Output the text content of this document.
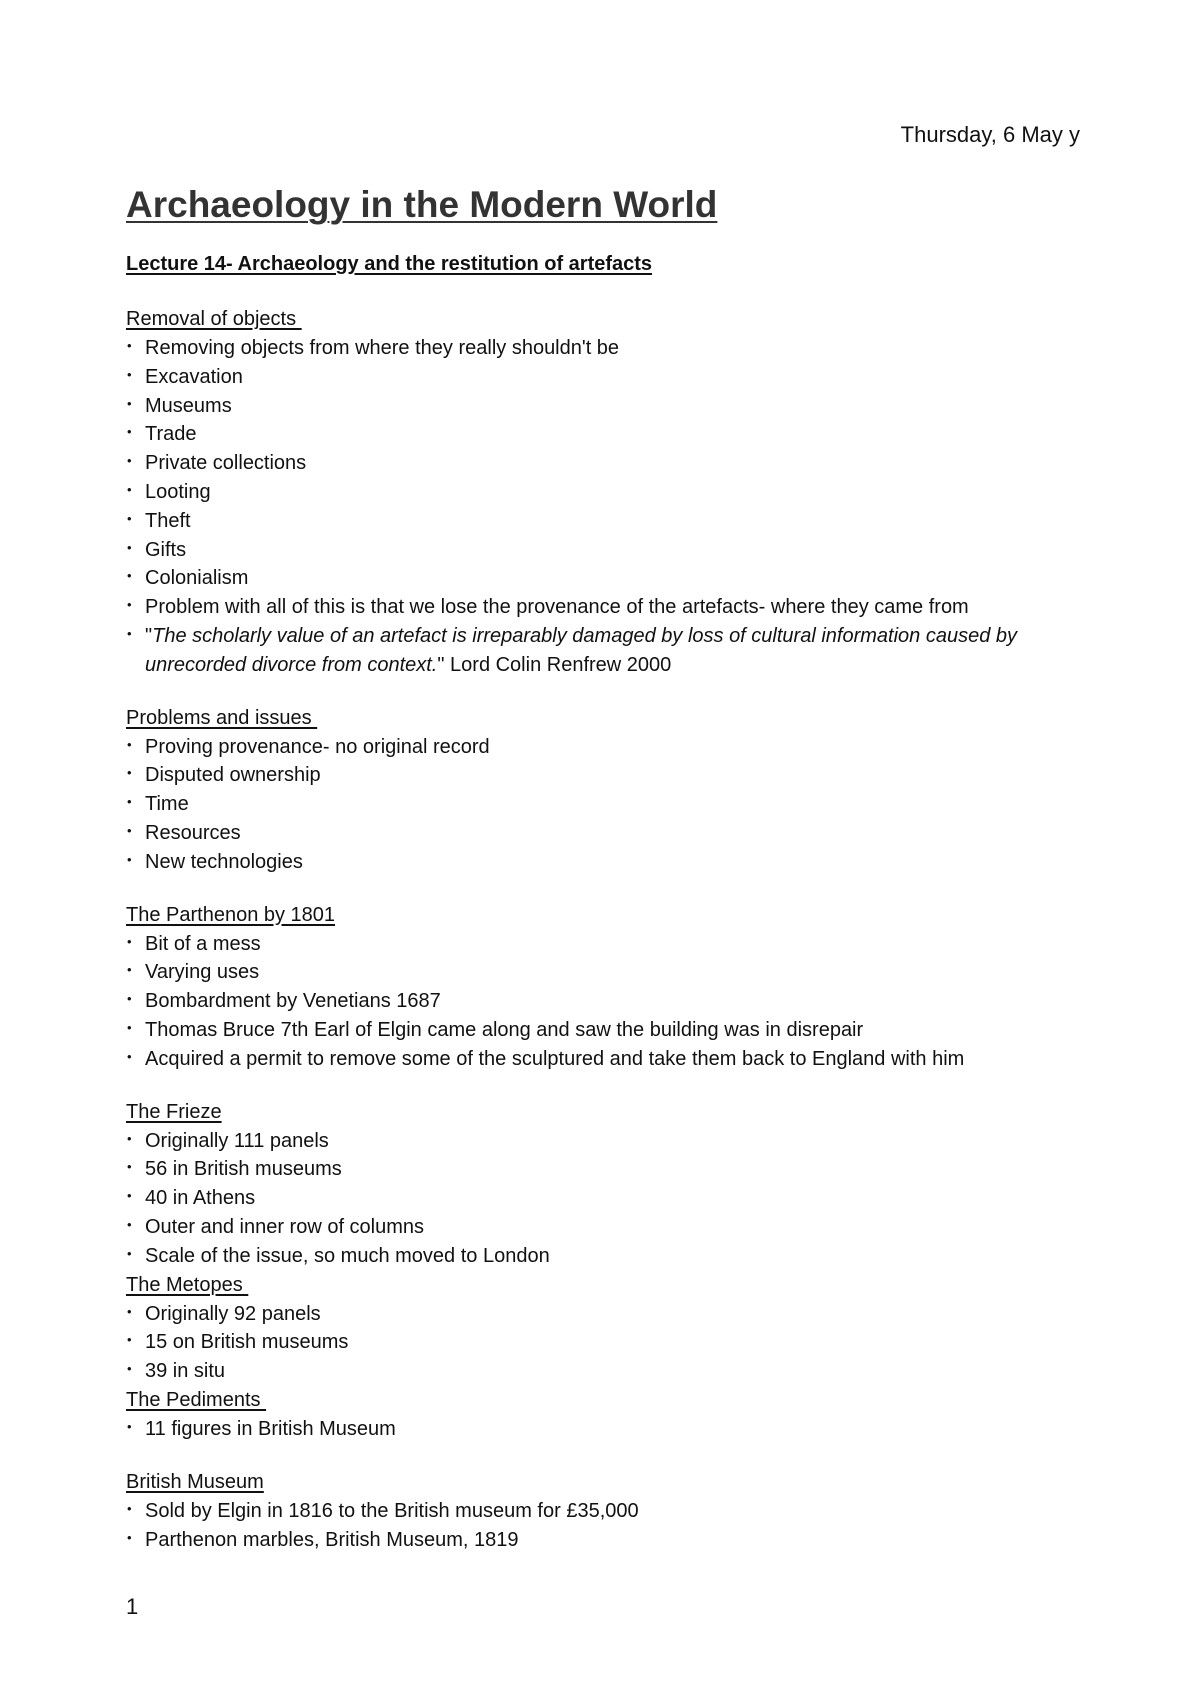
Thursday, 6 May y
Archaeology in the Modern World
Lecture 14- Archaeology and the restitution of artefacts
Removal of objects
• Removing objects from where they really shouldn't be
• Excavation
• Museums
• Trade
• Private collections
• Looting
• Theft
• Gifts
• Colonialism
• Problem with all of this is that we lose the provenance of the artefacts- where they came from
• "The scholarly value of an artefact is irreparably damaged by loss of cultural information caused by unrecorded divorce from context." Lord Colin Renfrew 2000
Problems and issues
• Proving provenance- no original record
• Disputed ownership
• Time
• Resources
• New technologies
The Parthenon by 1801
• Bit of a mess
• Varying uses
• Bombardment by Venetians 1687
• Thomas Bruce 7th Earl of Elgin came along and saw the building was in disrepair
• Acquired a permit to remove some of the sculptured and take them back to England with him
The Frieze
• Originally 111 panels
• 56 in British museums
• 40 in Athens
• Outer and inner row of columns
• Scale of the issue, so much moved to London
The Metopes
• Originally 92 panels
• 15 on British museums
• 39 in situ
The Pediments
• 11 figures in British Museum
British Museum
• Sold by Elgin in 1816 to the British museum for £35,000
• Parthenon marbles, British Museum, 1819
1
